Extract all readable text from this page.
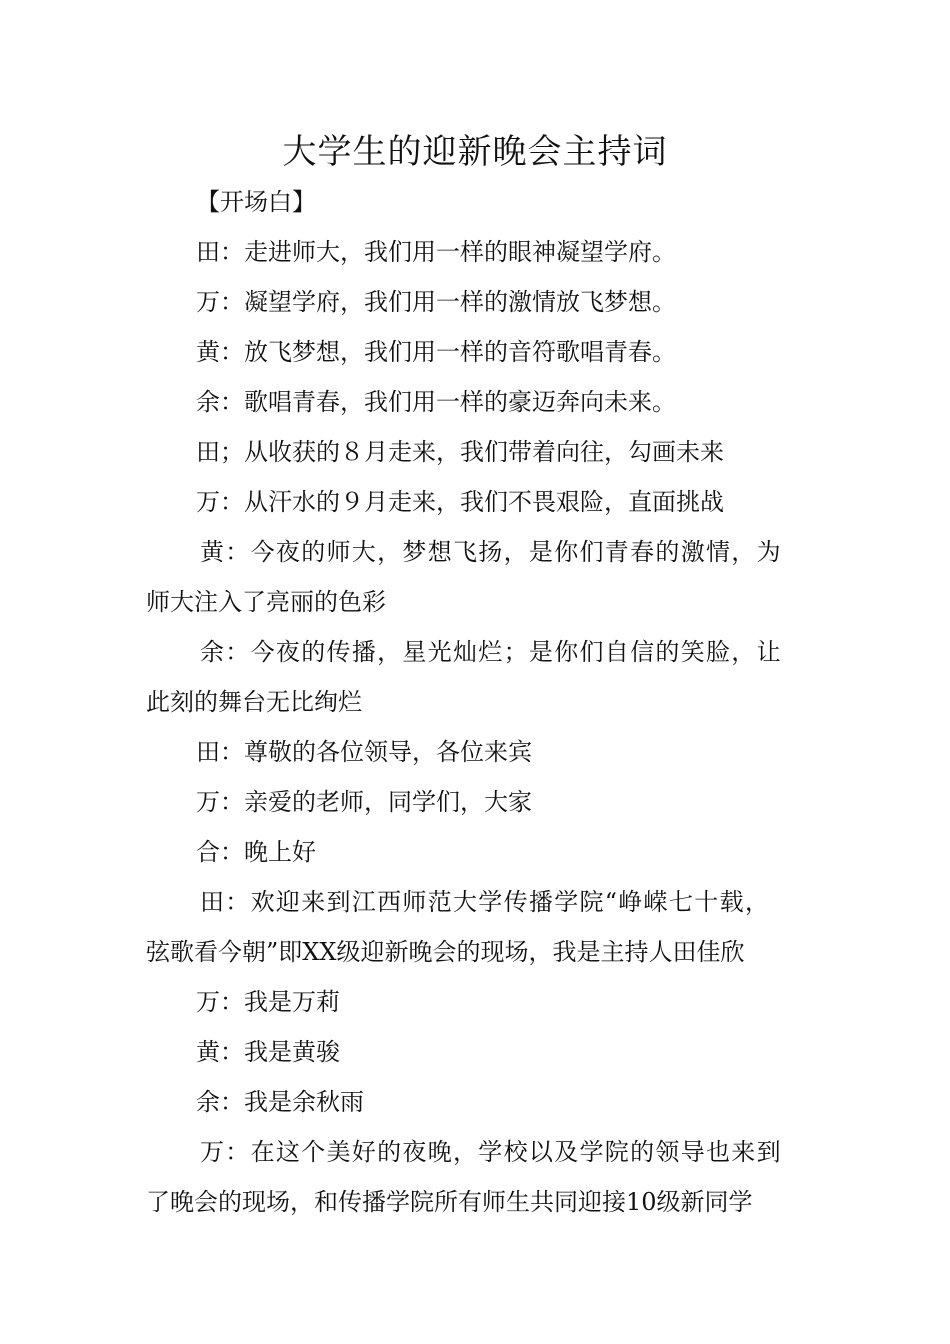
大学生的迎新晚会主持词
【开场白】
田：走进师大，我们用一样的眼神凝望学府。
万：凝望学府，我们用一样的激情放飞梦想。
黄：放飞梦想，我们用一样的音符歌唱青春。
余：歌唱青春，我们用一样的豪迈奔向未来。
田；从收获的８月走来，我们带着向往，勾画未来
万：从汗水的９月走来，我们不畏艰险，直面挑战
黄：今夜的师大，梦想飞扬，是你们青春的激情，为
师大注入了亮丽的色彩
余：今夜的传播，星光灿烂；是你们自信的笑脸，让
此刻的舞台无比绚烂
田：尊敬的各位领导，各位来宾
万：亲爱的老师，同学们，大家
合：晚上好
田：欢迎来到江西师范大学传播学院“峥嵘七十载，
弦歌看今朝”即XX级迎新晚会的现场，我是主持人田佳欣
万：我是万莉
黄：我是黄骏
余：我是余秋雨
万：在这个美好的夜晚，学校以及学院的领导也来到
了晚会的现场，和传播学院所有师生共同迎接10级新同学
